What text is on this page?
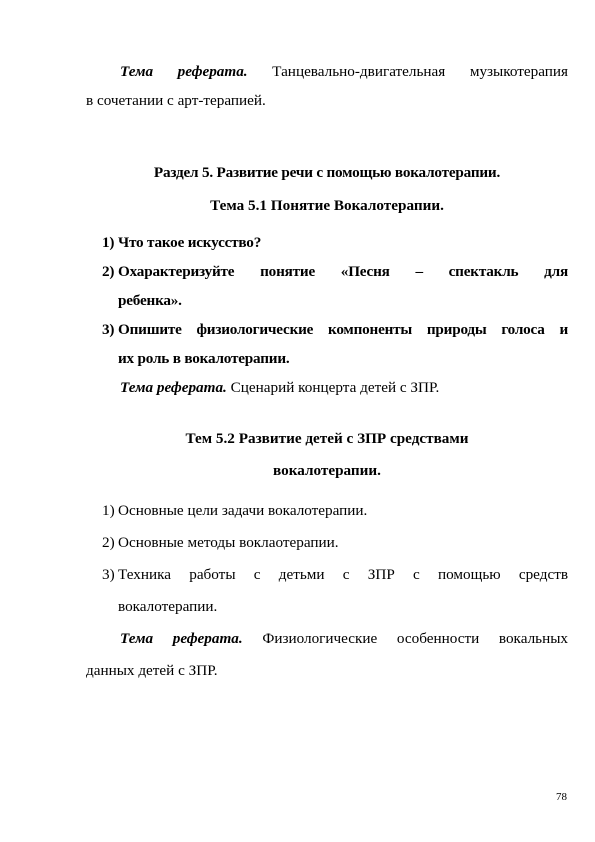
Тема реферата. Танцевально-двигательная музыкотерапия
в сочетании с арт-терапией.
Раздел 5. Развитие речи с помощью вокалотерапии.
Тема 5.1 Понятие Вокалотерапии.
1) Что такое искусство?
2) Охарактеризуйте понятие «Песня – спектакль для
ребенка».
3) Опишите физиологические компоненты природы голоса и
их роль в вокалотерапии.
Тема реферата. Сценарий концерта детей с ЗПР.
Тем 5.2 Развитие детей с ЗПР средствами
вокалотерапии.
1) Основные цели задачи вокалотерапии.
2) Основные методы воклаотерапии.
3) Техника работы с детьми с ЗПР с помощью средств
вокалотерапии.
Тема реферата. Физиологические особенности вокальных
данных детей с ЗПР.
78
